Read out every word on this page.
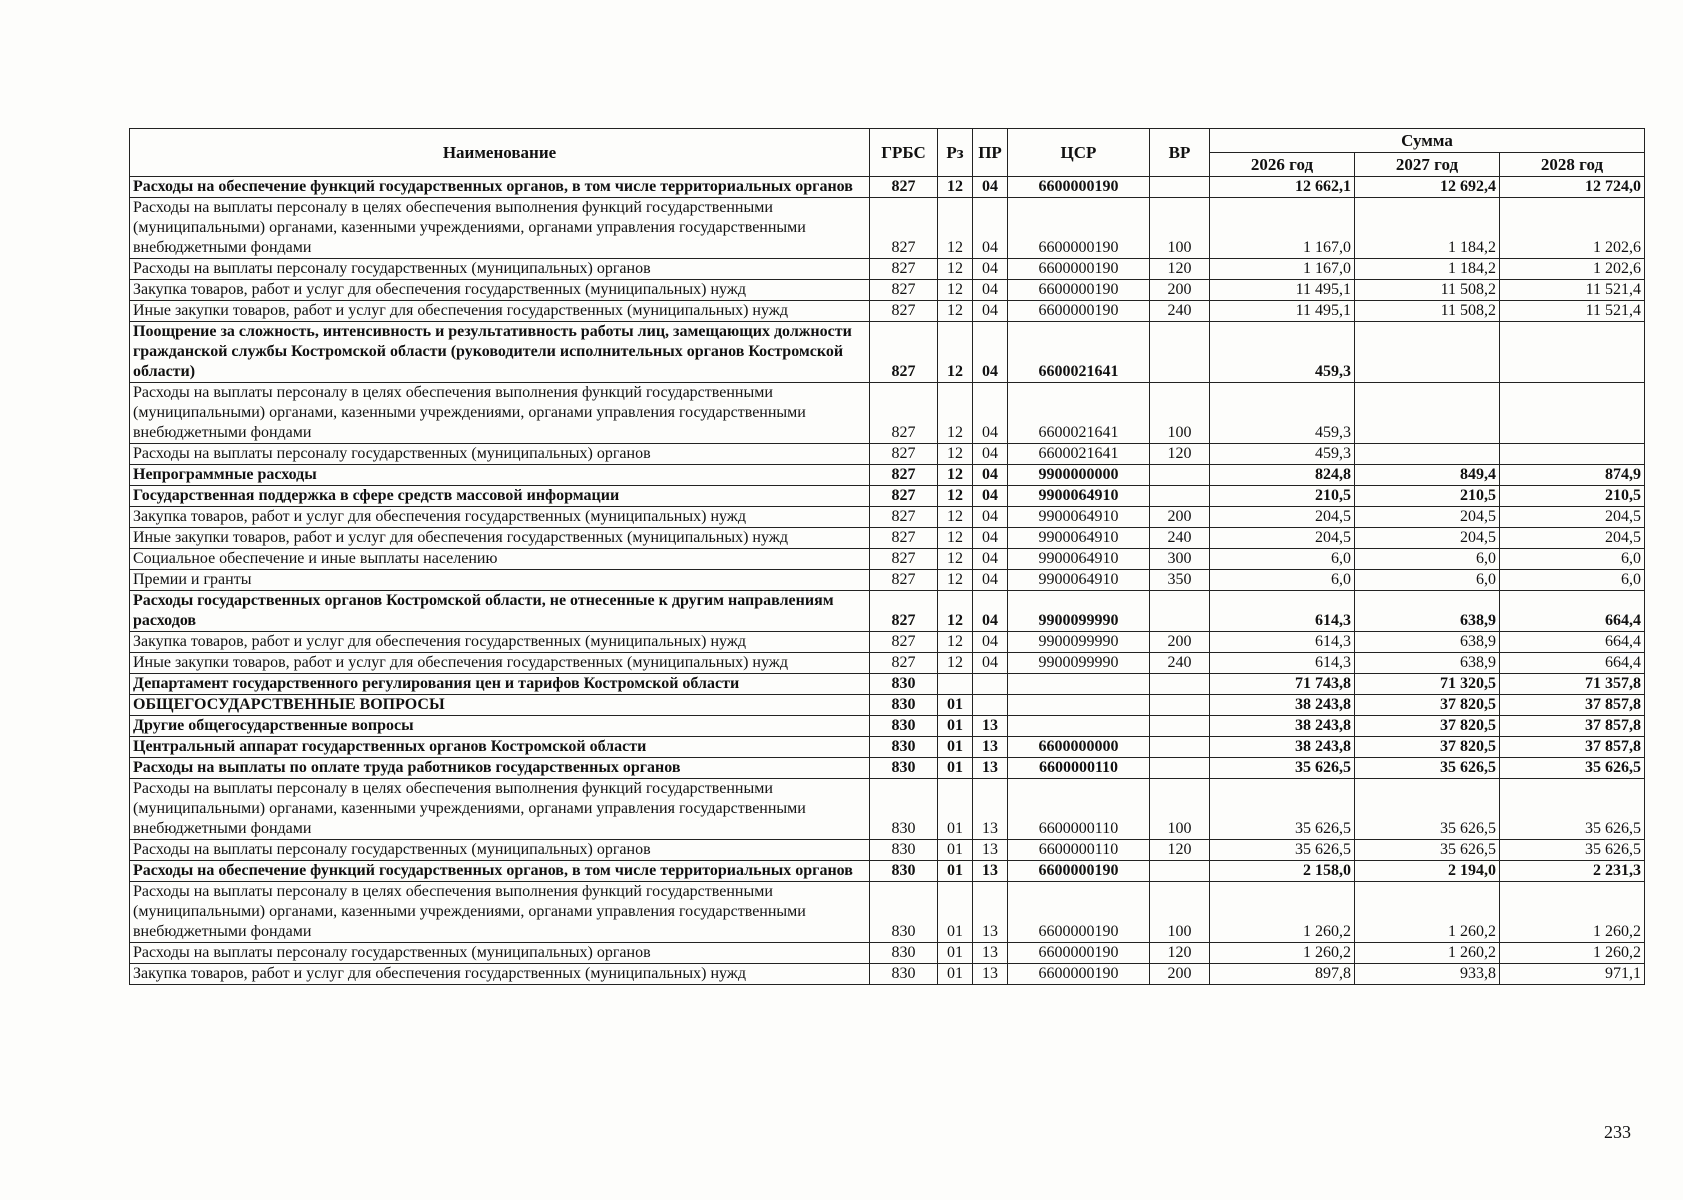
Наименование	ГРБС	Рз	ПР	ЦСР	ВР	Сумма		
						2026 год	2027 год	2028 год
Расходы на обеспечение функций государственных органов, в том числе территориальных органов	827	12	04	6600000190		12 662,1	12 692,4	12 724,0
Расходы на выплаты персоналу в целях обеспечения выполнения функций государственными (муниципальными) органами, казенными учреждениями, органами управления государственными внебюджетными фондами	827	12	04	6600000190	100	1 167,0	1 184,2	1 202,6
Расходы на выплаты персоналу государственных (муниципальных) органов	827	12	04	6600000190	120	1 167,0	1 184,2	1 202,6
Закупка товаров, работ и услуг для обеспечения государственных (муниципальных) нужд	827	12	04	6600000190	200	11 495,1	11 508,2	11 521,4
Иные закупки товаров, работ и услуг для обеспечения государственных (муниципальных) нужд	827	12	04	6600000190	240	11 495,1	11 508,2	11 521,4
Поощрение за сложность, интенсивность и результативность работы лиц, замещающих должности гражданской службы Костромской области (руководители исполнительных органов Костромской области)	827	12	04	6600021641		459,3		
Расходы на выплаты персоналу в целях обеспечения выполнения функций государственными (муниципальными) органами, казенными учреждениями, органами управления государственными внебюджетными фондами	827	12	04	6600021641	100	459,3		
Расходы на выплаты персоналу государственных (муниципальных) органов	827	12	04	6600021641	120	459,3		
Непрограммные расходы	827	12	04	9900000000		824,8	849,4	874,9
Государственная поддержка в сфере средств массовой информации	827	12	04	9900064910		210,5	210,5	210,5
Закупка товаров, работ и услуг для обеспечения государственных (муниципальных) нужд	827	12	04	9900064910	200	204,5	204,5	204,5
Иные закупки товаров, работ и услуг для обеспечения государственных (муниципальных) нужд	827	12	04	9900064910	240	204,5	204,5	204,5
Социальное обеспечение и иные выплаты населению	827	12	04	9900064910	300	6,0	6,0	6,0
Премии и гранты	827	12	04	9900064910	350	6,0	6,0	6,0
Расходы государственных органов Костромской области, не отнесенные к другим направлениям расходов	827	12	04	9900099990		614,3	638,9	664,4
Закупка товаров, работ и услуг для обеспечения государственных (муниципальных) нужд	827	12	04	9900099990	200	614,3	638,9	664,4
Иные закупки товаров, работ и услуг для обеспечения государственных (муниципальных) нужд	827	12	04	9900099990	240	614,3	638,9	664,4
Департамент государственного регулирования цен и тарифов Костромской области	830					71 743,8	71 320,5	71 357,8
ОБЩЕГОСУДАРСТВЕННЫЕ ВОПРОСЫ	830	01				38 243,8	37 820,5	37 857,8
Другие общегосударственные вопросы	830	01	13			38 243,8	37 820,5	37 857,8
Центральный аппарат государственных органов Костромской области	830	01	13	6600000000		38 243,8	37 820,5	37 857,8
Расходы на выплаты по оплате труда работников государственных органов	830	01	13	6600000110		35 626,5	35 626,5	35 626,5
Расходы на выплаты персоналу в целях обеспечения выполнения функций государственными (муниципальными) органами, казенными учреждениями, органами управления государственными внебюджетными фондами	830	01	13	6600000110	100	35 626,5	35 626,5	35 626,5
Расходы на выплаты персоналу государственных (муниципальных) органов	830	01	13	6600000110	120	35 626,5	35 626,5	35 626,5
Расходы на обеспечение функций государственных органов, в том числе территориальных органов	830	01	13	6600000190		2 158,0	2 194,0	2 231,3
Расходы на выплаты персоналу в целях обеспечения выполнения функций государственными (муниципальными) органами, казенными учреждениями, органами управления государственными внебюджетными фондами	830	01	13	6600000190	100	1 260,2	1 260,2	1 260,2
Расходы на выплаты персоналу государственных (муниципальных) органов	830	01	13	6600000190	120	1 260,2	1 260,2	1 260,2
Закупка товаров, работ и услуг для обеспечения государственных (муниципальных) нужд	830	01	13	6600000190	200	897,8	933,8	971,1
233
